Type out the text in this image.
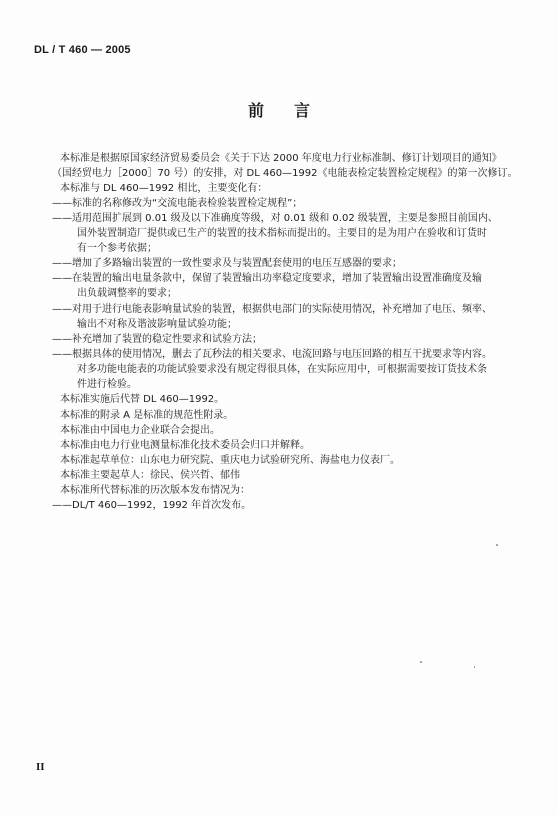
DL / T 460 — 2005
前言
本标准是根据原国家经济贸易委员会《关于下达 2000 年度电力行业标准制、修订计划项目的通知》
（国经贸电力［2000］70 号）的安排，对 DL 460—1992《电能表检定装置检定规程》的第一次修订。
本标准与 DL 460—1992 相比，主要变化有：
——标准的名称修改为“交流电能表检验装置检定规程”；
——适用范围扩展到 0.01 级及以下准确度等级，对 0.01 级和 0.02 级装置，主要是参照目前国内、
国外装置制造厂提供或已生产的装置的技术指标而提出的。主要目的是为用户在验收和订货时
有一个参考依据；
——增加了多路输出装置的一致性要求及与装置配套使用的电压互感器的要求；
——在装置的输出电量条款中，保留了装置输出功率稳定度要求，增加了装置输出设置准确度及输
出负载调整率的要求；
——对用于进行电能表影响量试验的装置，根据供电部门的实际使用情况，补充增加了电压、频率、
输出不对称及谐波影响量试验功能；
——补充增加了装置的稳定性要求和试验方法；
——根据具体的使用情况，删去了瓦秒法的相关要求、电流回路与电压回路的相互干扰要求等内容。
对多功能电能表的功能试验要求没有规定得很具体，在实际应用中，可根据需要按订货技术条
件进行检验。
本标准实施后代替 DL 460—1992。
本标准的附录 A 是标准的规范性附录。
本标准由中国电力企业联合会提出。
本标准由电力行业电测量标准化技术委员会归口并解释。
本标准起草单位：山东电力研究院、重庆电力试验研究所、海盐电力仪表厂。
本标准主要起草人：徐民、侯兴哲、郁伟
本标准所代替标准的历次版本发布情况为：
——DL/T 460—1992，1992 年首次发布。
II
